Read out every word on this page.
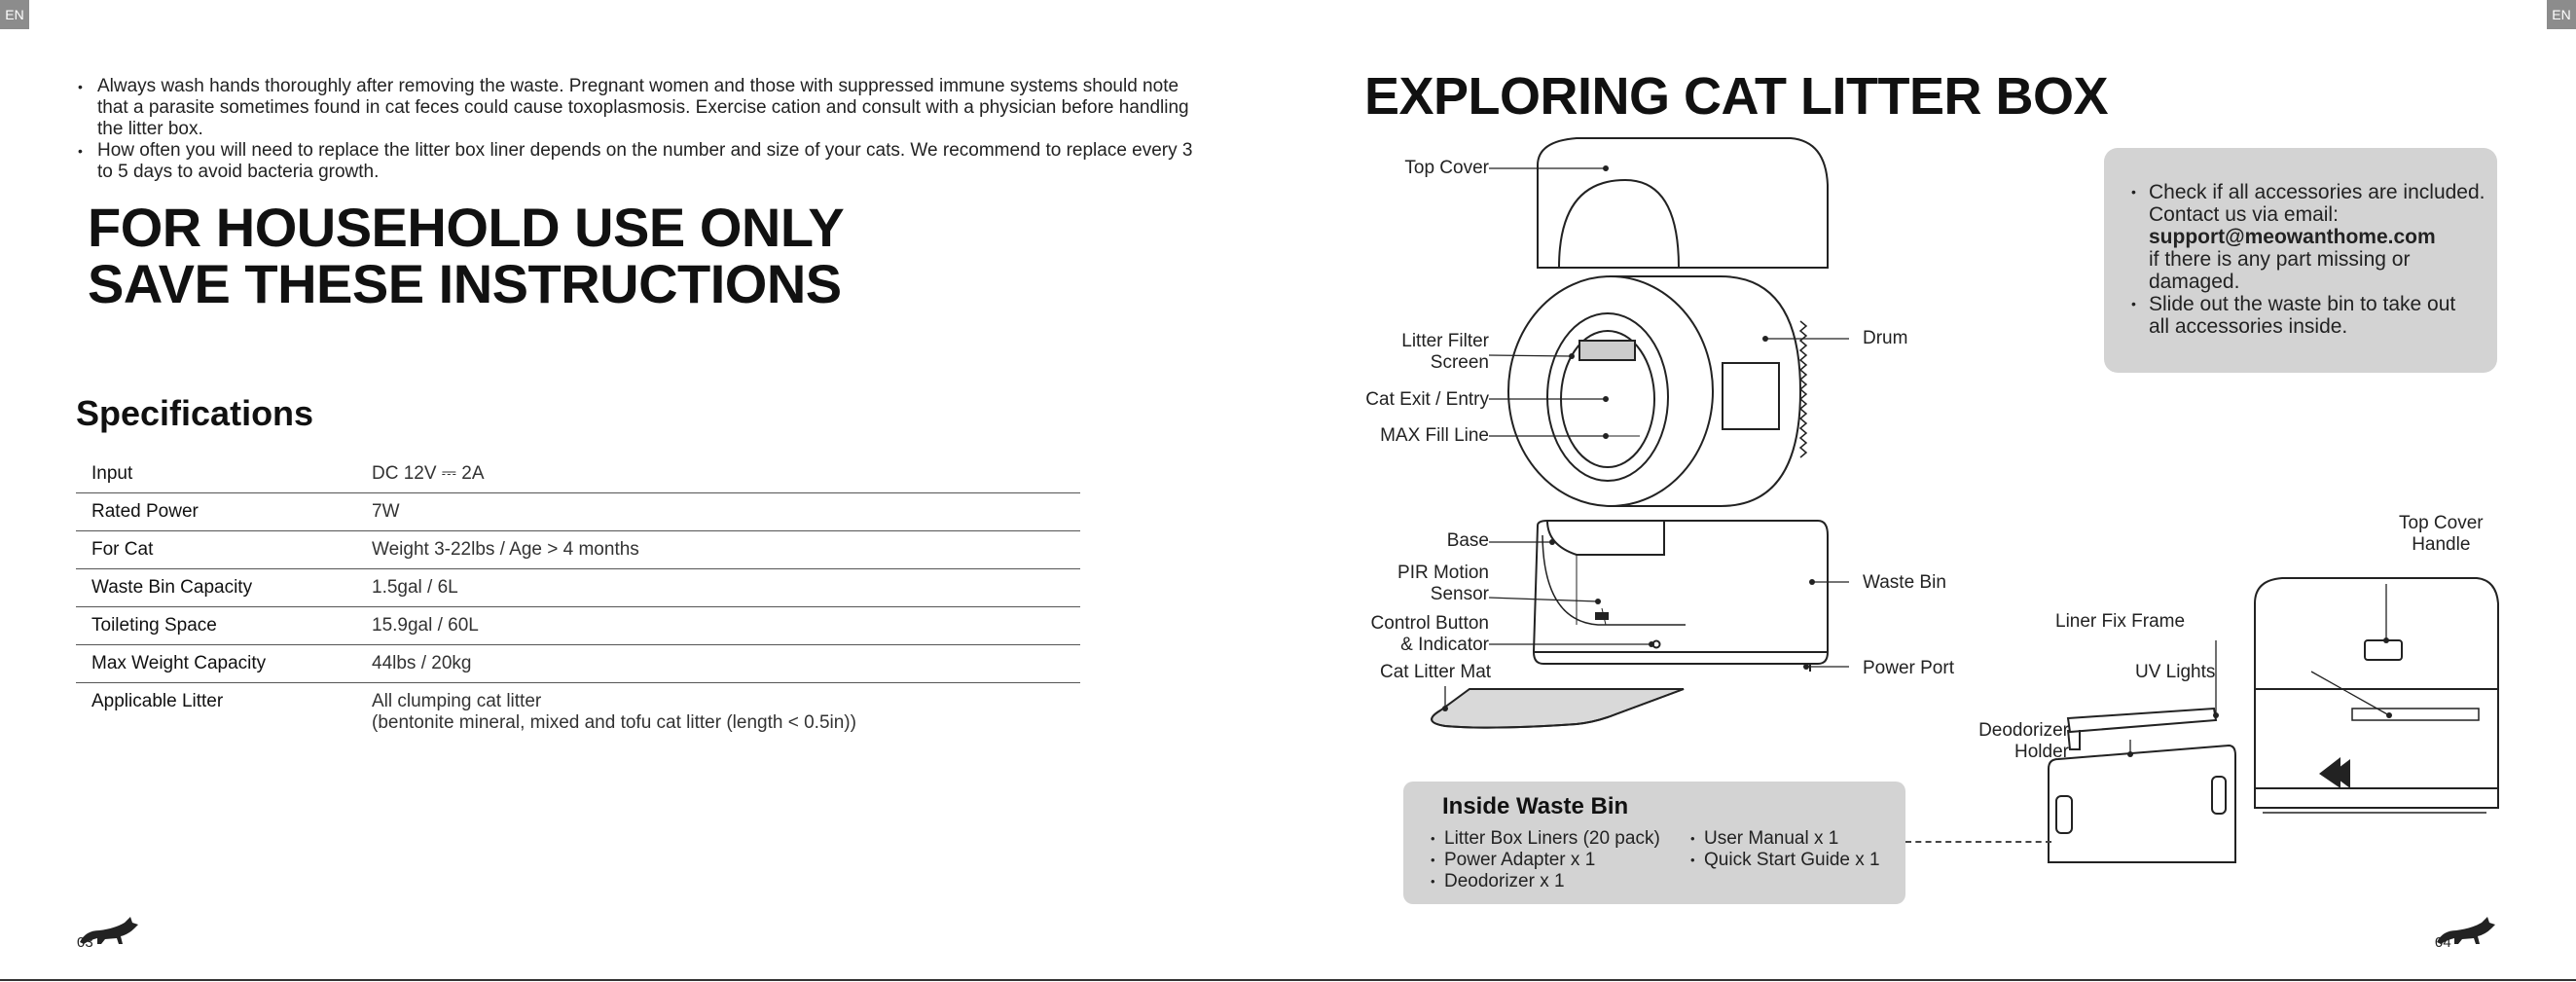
EN	EN
• Always wash hands thoroughly after removing the waste. Pregnant women and those with suppressed immune systems should note that a parasite sometimes found in cat feces could cause toxoplasmosis. Exercise cation and consult with a physician before handling the litter box.
• How often you will need to replace the litter box liner depends on the number and size of your cats. We recommend to replace every 3 to 5 days to avoid bacteria growth.
FOR HOUSEHOLD USE ONLY
SAVE THESE INSTRUCTIONS
Specifications
Input	DC 12V ⎓ 2A
Rated Power	7W
For Cat	Weight 3-22lbs / Age > 4 months
Waste Bin Capacity	1.5gal / 6L
Toileting Space	15.9gal / 60L
Max Weight Capacity	44lbs / 20kg
Applicable Litter	All clumping cat litter
(bentonite mineral, mixed and tofu cat litter (length < 0.5in))
03
EXPLORING CAT LITTER BOX
Top Cover
Litter Filter
Screen
Cat Exit / Entry
MAX Fill Line
Drum
Base
PIR Motion
Sensor
Control Button
& Indicator
Cat Litter Mat
Waste Bin
Power Port
• Check if all accessories are included.
Contact us via email:
support@meowanthome.com
if there is any part missing or
damaged.
• Slide out the waste bin to take out
all accessories inside.
Top Cover
Handle
Liner Fix Frame
UV Lights
Deodorizer
Holder
Inside Waste Bin
• Litter Box Liners (20 pack)
• Power Adapter x 1
• Deodorizer x 1
• User Manual x 1
• Quick Start Guide x 1
04
